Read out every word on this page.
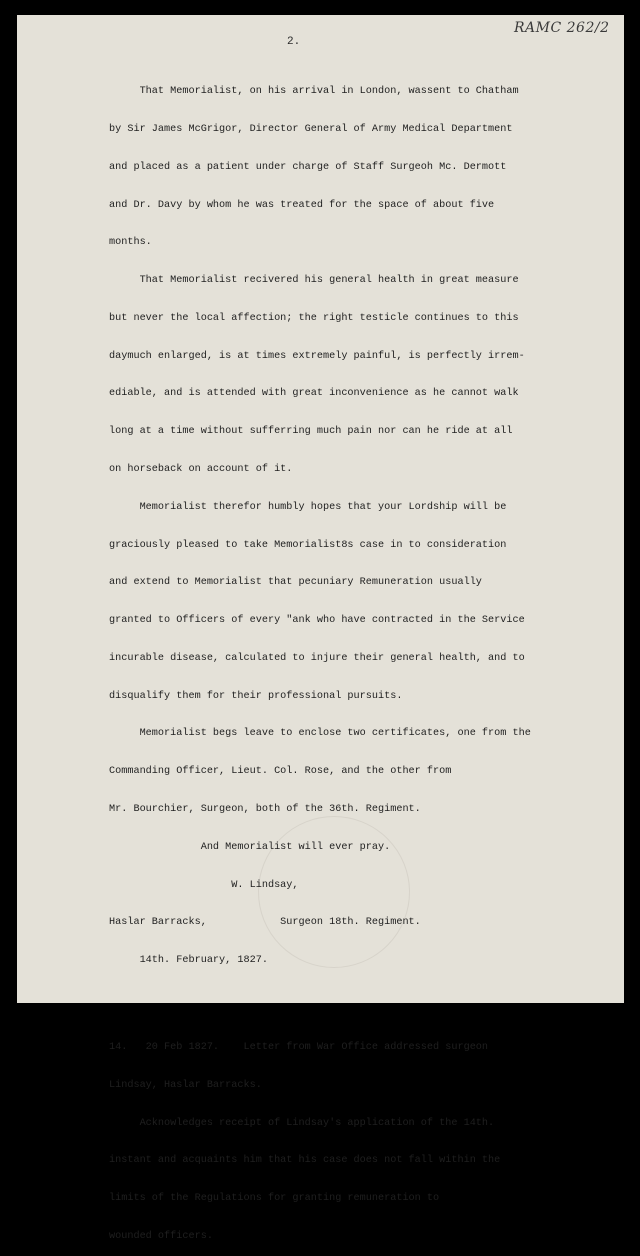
RAMC 262/2
2.

That Memorialist, on his arrival in London, wassent to Chatham

by Sir James McGrigor, Director General of Army Medical Department

and placed as a patient under charge of Staff Surgeoh Mc. Dermott

and Dr. Davy by whom he was treated for the space of about five

months.

That Memorialist recivered his general health in great measure

but never the local affection; the right testicle continues to this

daymuch enlarged, is at times extremely painful, is perfectly irrem-

ediable, and is attended with great inconvenience as he cannot walk

long at a time without sufferring much pain nor can he ride at all

on horseback on account of it.

Memorialist therefor humbly hopes that your Lordship will be

graciously pleased to take Memorialist8s case in to consideration

and extend to Memorialist that pecuniary Remuneration usually

granted to Officers of every "ank who have contracted in the Service

incurable disease, calculated to injure their general health, and to

disqualify them for their professional pursuits.

Memorialist begs leave to enclose two certificates, one from the

Commanding Officer, Lieut. Col. Rose, and the other from

Mr. Bourchier, Surgeon, both of the 36th. Regiment.

And Memorialist will ever pray.

W. Lindsay,

Haslar Barracks,            Surgeon 18th. Regiment.

14th. February, 1827.

14.   20 Feb 1827.    Letter from War Office addressed surgeon

Lindsay, Haslar Barracks.

Acknowledges receipt of Lindsay's application of the 14th.

instant and acquaints him that his case does not fall within the

limits of the Regulations for granting remuneration to

wounded officers.
